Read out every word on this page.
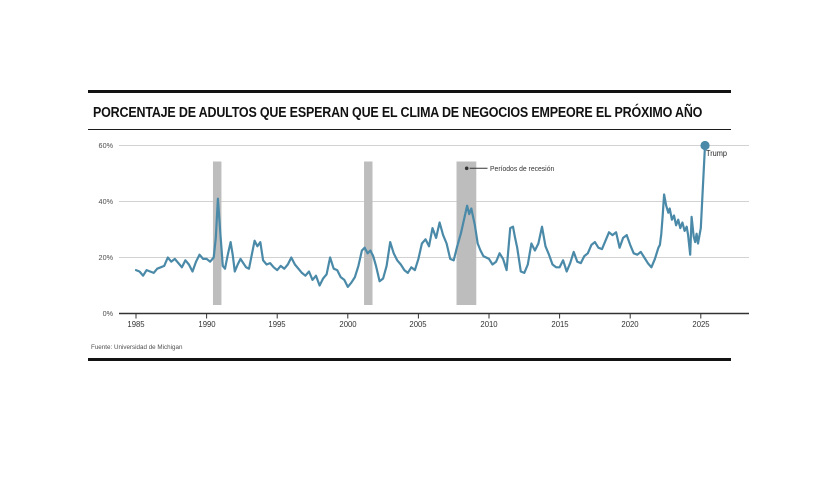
PORCENTAJE DE ADULTOS QUE ESPERAN QUE EL CLIMA DE NEGOCIOS EMPEORE EL PRÓXIMO AÑO
60%
40%
20%
0%
1985	1990	1995	2000	2005	2010	2015	2020	2025
Períodos de recesión
Trump
Fuente: Universidad de Michigan
